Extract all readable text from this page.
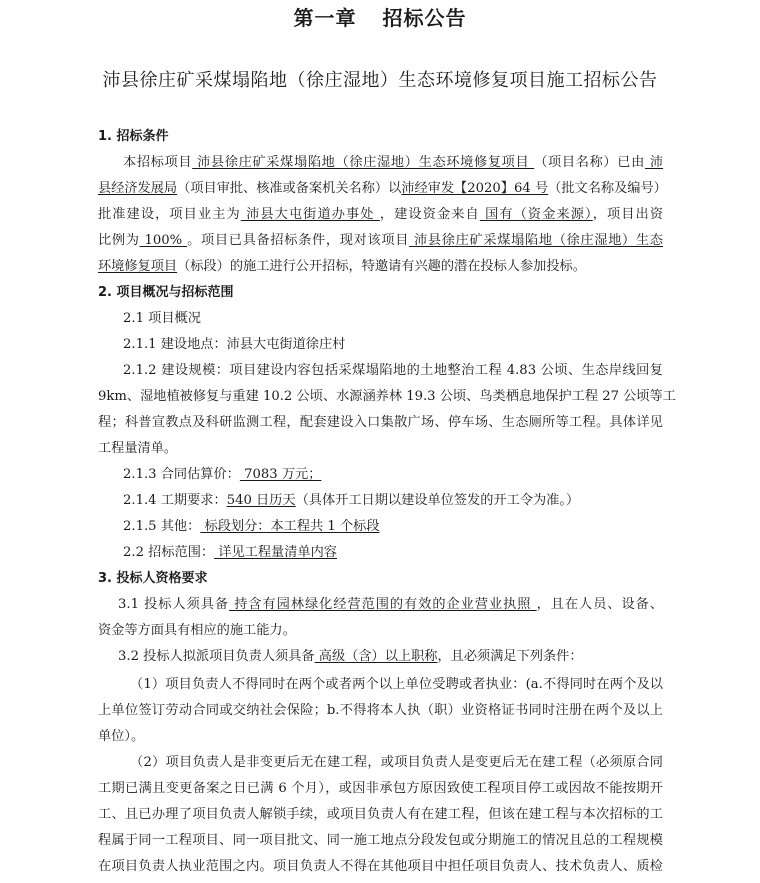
第一章 招标公告
沛县徐庄矿采煤塌陷地（徐庄湿地）生态环境修复项目施工招标公告
1. 招标条件
本招标项目 沛县徐庄矿采煤塌陷地（徐庄湿地）生态环境修复项目 （项目名称）已由 沛
县经济发展局（项目审批、核准或备案机关名称）以沛经审发【2020】64 号（批文名称及编号）
批准建设，项目业主为 沛县大屯街道办事处 ，建设资金来自 国有（资金来源），项目出资
比例为 100% 。项目已具备招标条件，现对该项目 沛县徐庄矿采煤塌陷地（徐庄湿地）生态
环境修复项目（标段）的施工进行公开招标，特邀请有兴趣的潜在投标人参加投标。
2. 项目概况与招标范围
2.1 项目概况
2.1.1 建设地点：沛县大屯街道徐庄村
2.1.2 建设规模：项目建设内容包括采煤塌陷地的土地整治工程 4.83 公顷、生态岸线回复
9km、湿地植被修复与重建 10.2 公顷、水源涵养林 19.3 公顷、鸟类栖息地保护工程 27 公顷等工
程；科普宣教点及科研监测工程，配套建设入口集散广场、停车场、生态厕所等工程。具体详见
工程量清单。
2.1.3 合同估算价： 7083 万元；
2.1.4 工期要求：540 日历天（具体开工日期以建设单位签发的开工令为准。）
2.1.5 其他： 标段划分：本工程共 1 个标段
2.2 招标范围： 详见工程量清单内容
3. 投标人资格要求
3.1 投标人须具备 持含有园林绿化经营范围的有效的企业营业执照 ，且在人员、设备、
资金等方面具有相应的施工能力。
3.2 投标人拟派项目负责人须具备 高级（含）以上职称，且必须满足下列条件：
（1）项目负责人不得同时在两个或者两个以上单位受聘或者执业：(a.不得同时在两个及以
上单位签订劳动合同或交纳社会保险；b.不得将本人执（职）业资格证书同时注册在两个及以上
单位）。
（2）项目负责人是非变更后无在建工程，或项目负责人是变更后无在建工程（必须原合同
工期已满且变更备案之日已满 6 个月），或因非承包方原因致使工程项目停工或因故不能按期开
工、且已办理了项目负责人解锁手续，或项目负责人有在建工程，但该在建工程与本次招标的工
程属于同一工程项目、同一项目批文、同一施工地点分段发包或分期施工的情况且总的工程规模
在项目负责人执业范围之内。项目负责人不得在其他项目中担任项目负责人、技术负责人、质检
